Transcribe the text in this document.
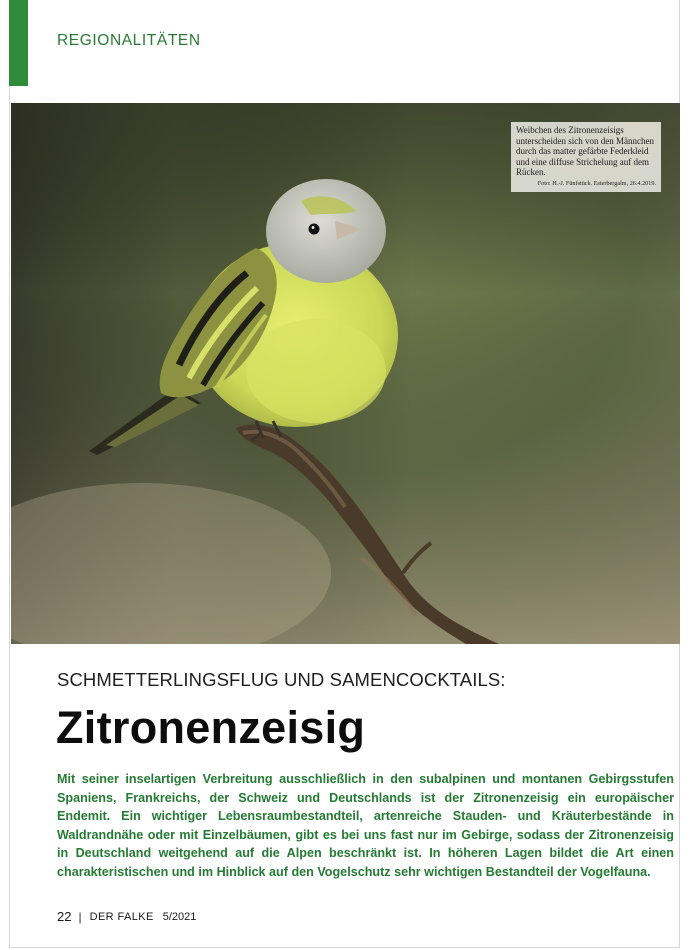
REGIONALITÄTEN
Weibchen des Zitronenzeisigs unterscheiden sich von den Männchen durch das matter gefärbte Federkleid und eine diffuse Strichelung auf dem Rücken.
Foto: H.-J. Fünfstück. Esterbergalm, 26.4.2019.
SCHMETTERLINGSFLUG UND SAMENCOCKTAILS:
Zitronenzeisig
Mit seiner inselartigen Verbreitung ausschließlich in den subalpinen und montanen Gebirgsstufen Spaniens, Frankreichs, der Schweiz und Deutschlands ist der Zitronenzeisig ein europäischer Endemit. Ein wichtiger Lebensraumbestandteil, artenreiche Stauden- und Kräuterbestände in Waldrandnähe oder mit Einzelbäumen, gibt es bei uns fast nur im Gebirge, sodass der Zitronenzeisig in Deutschland weitgehend auf die Alpen beschränkt ist. In höheren Lagen bildet die Art einen charakteristischen und im Hinblick auf den Vogelschutz sehr wichtigen Bestandteil der Vogelfauna.
22 | DER FALKE 5/2021
